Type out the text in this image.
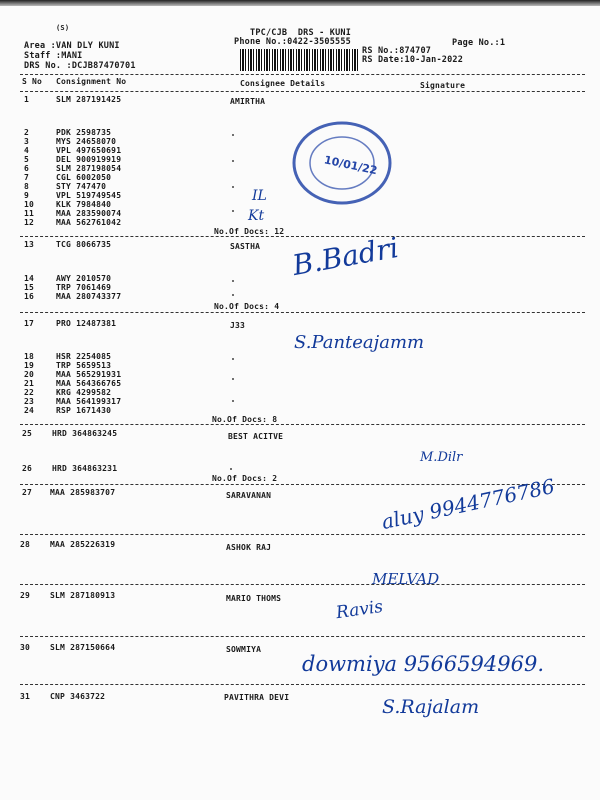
(S)	TPC/CJB  DRS - KUNI
Phone No.:0422-3505555	Page No.:1
Area :VAN DLY KUNI
Staff :MANI
DRS No. :DCJB87470701
RS No.:874707
RS Date:10-Jan-2022
S No Consignment No	Consignee Details	Signature
1	SLM 287191425	AMIRTHA
2	PDK 2598735
3	MYS 24658070
4	VPL 497650691
5	DEL 900919919
6	SLM 287198054
7	CGL 6002050
8	STY 747470
9	VPL 519749545
10	KLK 7984840
11	MAA 283590074
12	MAA 562761042
No.Of Docs: 12
13	TCG 8066735	SASTHA
14	AWY 2010570
15	TRP 7061469
16	MAA 280743377
No.Of Docs: 4
17	PRO 12487381	J33
18	HSR 2254085
19	TRP 5659513
20	MAA 565291931
21	MAA 564366765
22	KRG 4299582
23	MAA 564199317
24	RSP 1671430
No.Of Docs: 8
25 HRD 364863245	BEST ACITVE
26 HRD 364863231
No.Of Docs: 2
27 MAA 285983707	SARAVANAN
28 MAA 285226319	ASHOK RAJ
29 SLM 287180913	MARIO THOMS
30 SLM 287150664	SOWMIYA
31 CNP 3463722	PAVITHRA DEVI
10/01/22
IL
Kt
B.Badri
S.Panteajamm
M.Dilr
aluy 9944776786
MELVAD
Ravis
dowmiya 9566594969.
S.Rajalam
